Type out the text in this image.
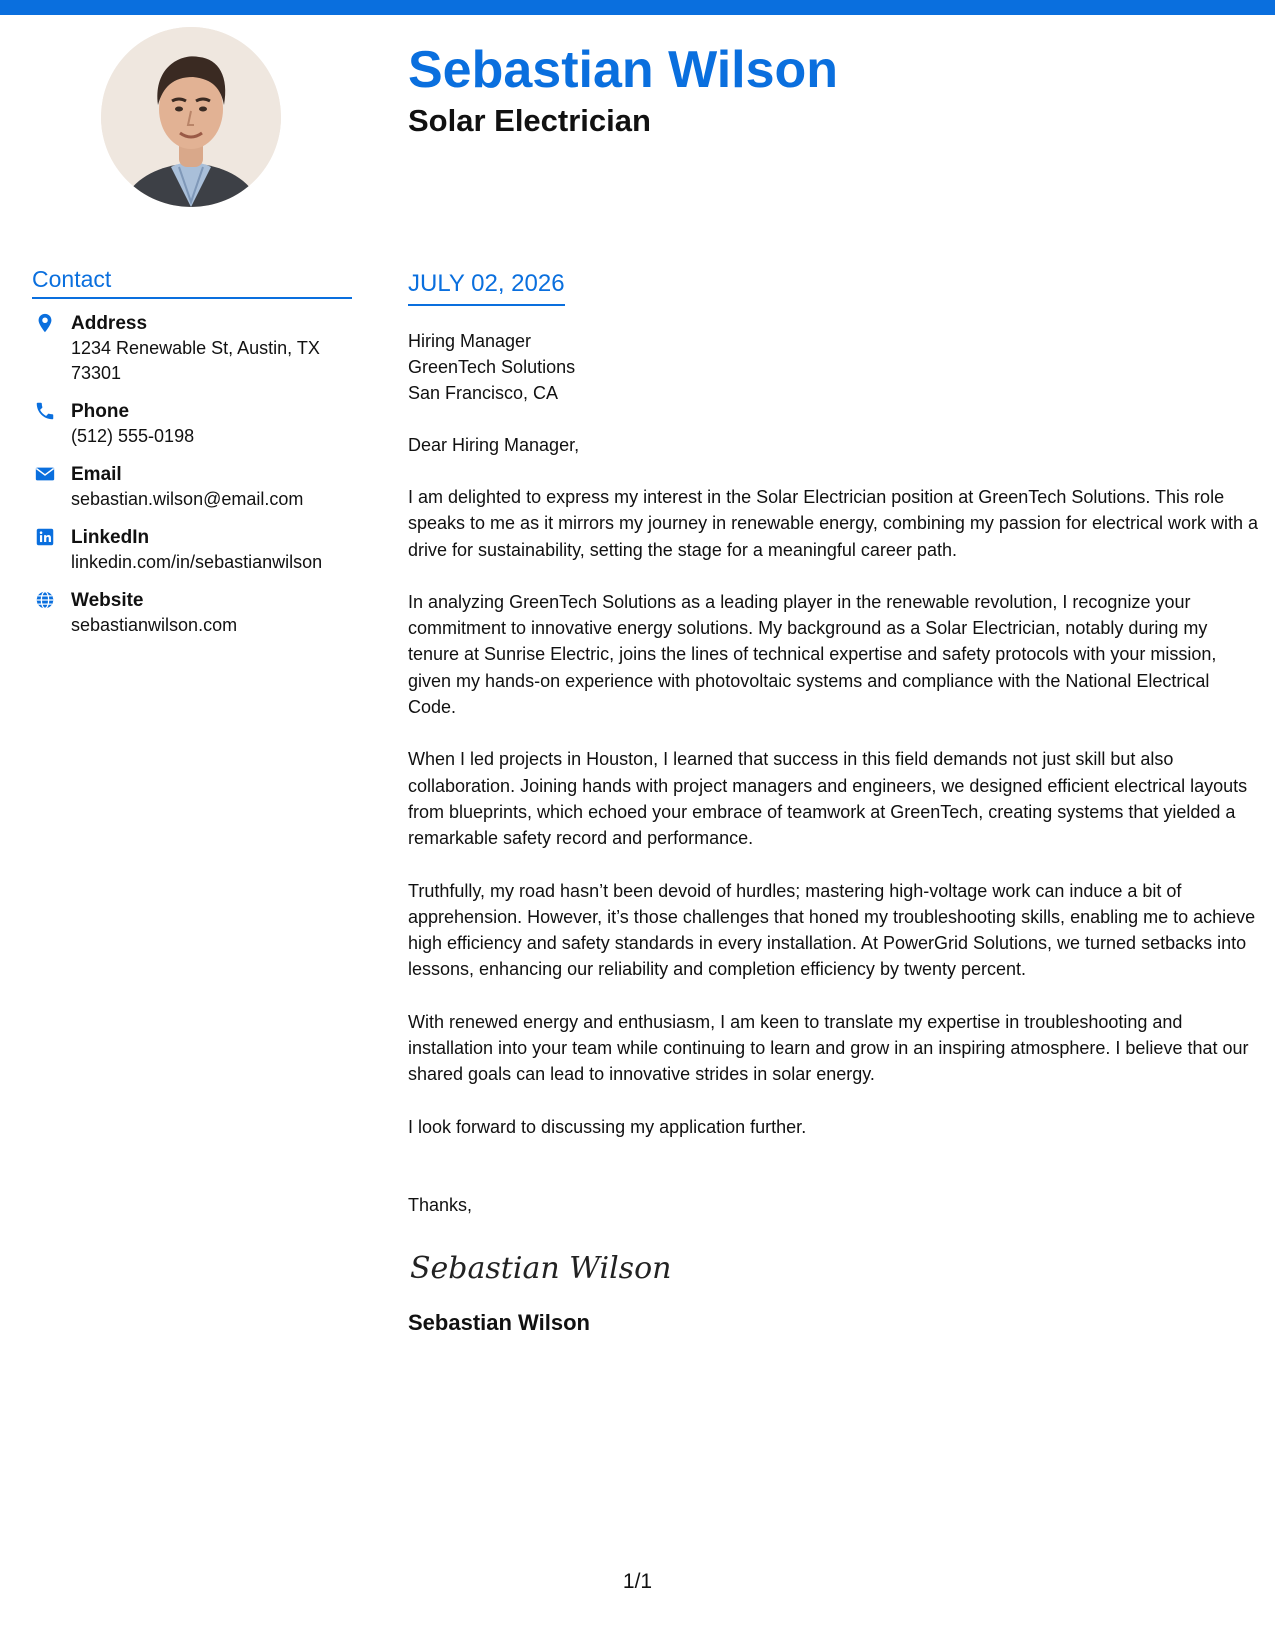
Sebastian Wilson
Solar Electrician
Contact
Address
1234 Renewable St, Austin, TX 73301
Phone
(512) 555-0198
Email
sebastian.wilson@email.com
LinkedIn
linkedin.com/in/sebastianwilson
Website
sebastianwilson.com
JULY 02, 2026
Hiring Manager
GreenTech Solutions
San Francisco, CA
Dear Hiring Manager,
I am delighted to express my interest in the Solar Electrician position at GreenTech Solutions. This role speaks to me as it mirrors my journey in renewable energy, combining my passion for electrical work with a drive for sustainability, setting the stage for a meaningful career path.
In analyzing GreenTech Solutions as a leading player in the renewable revolution, I recognize your commitment to innovative energy solutions. My background as a Solar Electrician, notably during my tenure at Sunrise Electric, joins the lines of technical expertise and safety protocols with your mission, given my hands-on experience with photovoltaic systems and compliance with the National Electrical Code.
When I led projects in Houston, I learned that success in this field demands not just skill but also collaboration. Joining hands with project managers and engineers, we designed efficient electrical layouts from blueprints, which echoed your embrace of teamwork at GreenTech, creating systems that yielded a remarkable safety record and performance.
Truthfully, my road hasn’t been devoid of hurdles; mastering high-voltage work can induce a bit of apprehension. However, it’s those challenges that honed my troubleshooting skills, enabling me to achieve high efficiency and safety standards in every installation. At PowerGrid Solutions, we turned setbacks into lessons, enhancing our reliability and completion efficiency by twenty percent.
With renewed energy and enthusiasm, I am keen to translate my expertise in troubleshooting and installation into your team while continuing to learn and grow in an inspiring atmosphere. I believe that our shared goals can lead to innovative strides in solar energy.
I look forward to discussing my application further.
Thanks,
Sebastian Wilson
Sebastian Wilson
1/1
